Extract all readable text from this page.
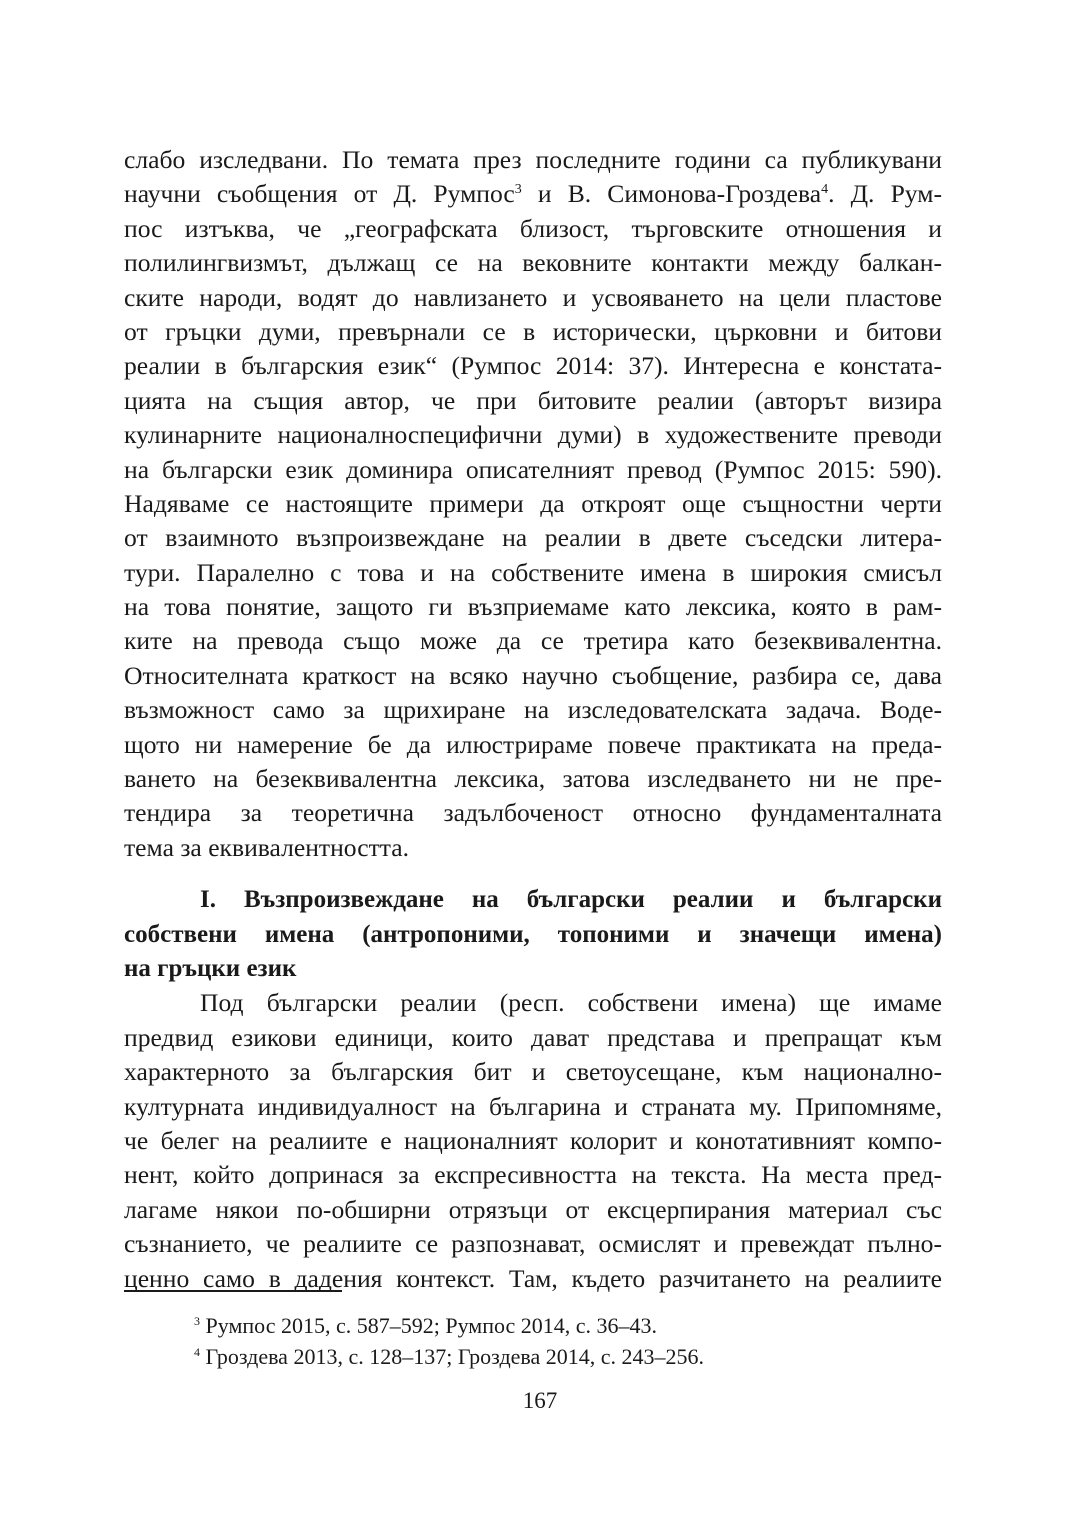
слабо изследвани. По темата през последните години са публикувани
научни съобщения от Д. Румпос$^3$ и В. Симонова-Гроздева$^4$. Д. Рум-
пос изтъква, че „географската близост, търговските отношения и
полилингвизмът, дължащ се на вековните контакти между балкан-
ските народи, водят до навлизането и усвояването на цели пластове
от гръцки думи, превърнали се в исторически, църковни и битови
реалии в българския език“ (Румпос 2014: 37). Интересна е констата-
цията на същия автор, че при битовите реалии (авторът визира
кулинарните националноспецифични думи) в художествените преводи
на български език доминира описателният превод (Румпос 2015: 590).
Надяваме се настоящите примери да откроят още същностни черти
от взаимното възпроизвеждане на реалии в двете съседски литера-
тури. Паралелно с това и на собствените имена в широкия смисъл
на това понятие, защото ги възприемаме като лексика, която в рам-
ките на превода също може да се третира като безеквивалентна.
Относителната краткост на всяко научно съобщение, разбира се, дава
възможност само за щрихиране на изследователската задача. Воде-
щото ни намерение бе да илюстрираме повече практиката на преда-
ването на безеквивалентна лексика, затова изследването ни не пре-
тендира за теоретична задълбоченост относно фундаменталната
тема за еквивалентността.
I. Възпроизвеждане на български реалии и български
собствени имена (антропоними, топоними и значещи имена)
на гръцки език
Под български реалии (респ. собствени имена) ще имаме
предвид езикови единици, които дават представа и препращат към
характерното за българския бит и светоусещане, към национално-
културната индивидуалност на българина и страната му. Припомняме,
че белег на реалиите е националният колорит и конотативният компо-
нент, който допринася за експресивността на текста. На места пред-
лагаме някои по-обширни отрязъци от ексцерпирания материал със
съзнанието, че реалиите се разпознават, осмислят и превеждат пълно-
ценно само в дадения контекст. Там, където разчитането на реалиите
$^3$ Румпос 2015, с. 587–592; Румпос 2014, с. 36–43.
$^4$ Гроздева 2013, с. 128–137; Гроздева 2014, с. 243–256.
167
